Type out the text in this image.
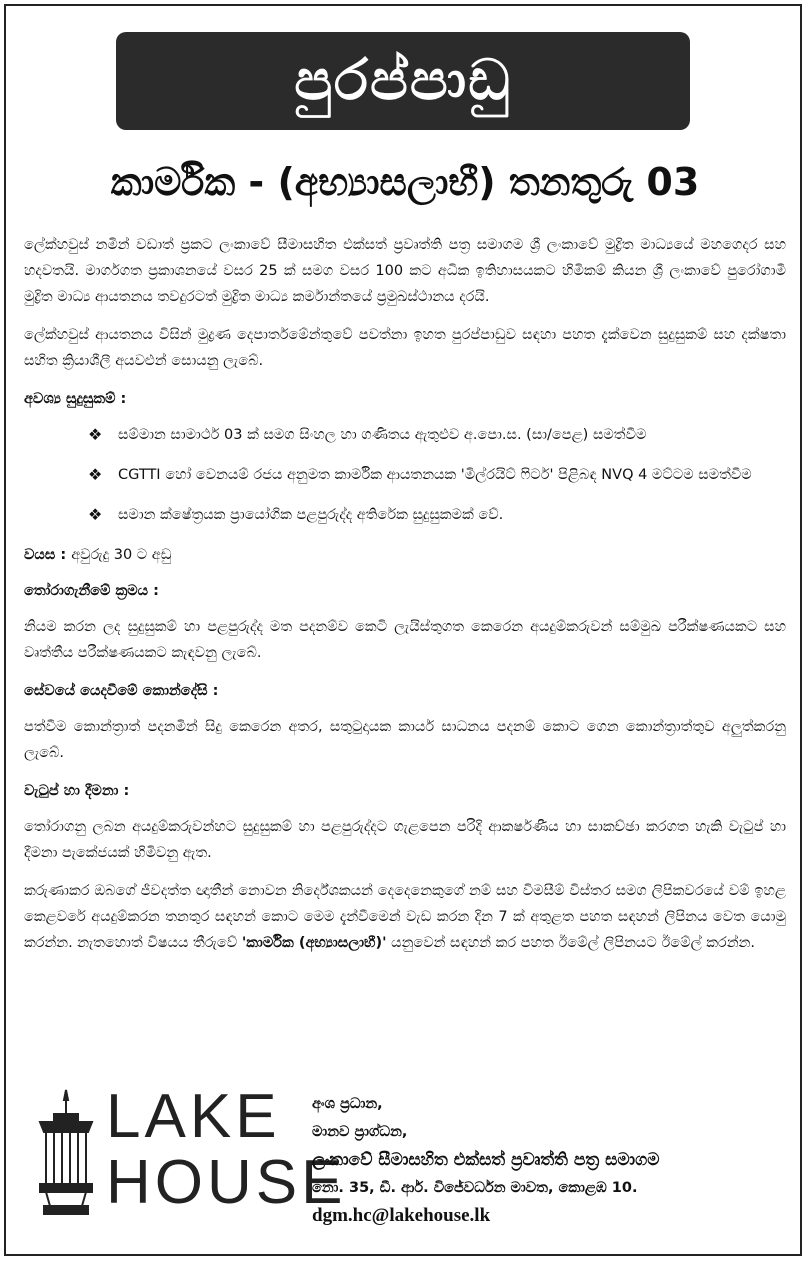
පුරප්පාඩු
කාර්මික - (අභ්‍යාසලාභී) තනතුරු 03

ලේක්හවුස් නමින් වඩාත් ප්‍රකට ලංකාවේ සීමාසහිත එක්සත් ප්‍රවෘත්ති පත්‍ර සමාගම ශ්‍රී ලංකාවේ මුද්‍රිත මාධ්‍යයේ මහගෙදර සහ හදවතයි. මාර්ගගත ප්‍රකාශනයේ වසර 25 ක් සමග වසර 100 කට අධික ඉතිහාසයකට හිමිකම් කියන ශ්‍රී ලංකාවේ පුරෝගාමී මුද්‍රිත මාධ්‍ය ආයතනය තවදුරටත් මුද්‍රිත මාධ්‍ය කර්මාන්තයේ ප්‍රමුඛස්ථානය දරයි.

ලේක්හවුස් ආයතනය විසින් මුද්‍රණ දෙපාර්තමේන්තුවේ පවත්නා ඉහත පුරප්පාඩුව සඳහා පහත දැක්වෙන සුදුසුකම් සහ දක්ෂතා සහිත ක්‍රියාශීලී අයවළුන් සොයනු ලැබේ.

අවශ්‍ය සුදුසුකම් :
❖ සම්මාන සාමාර්ථ 03 ක් සමග සිංහල හා ගණිතය ඇතුළුව අ.පො.ස. (සා/පෙළ) සමත්වීම
❖ CGTTI හෝ වෙනයම් රජය අනුමත කාර්මික ආයතනයක 'මිල්රයිට් ෆිටර්' පිළිබඳ NVQ 4 මට්ටම සමත්වීම
❖ සමාන ක්ෂේත්‍රයක ප්‍රායෝගික පළපුරුද්ද අතිරේක සුදුසුකමක් වේ.
වයස : අවුරුදු 30 ට අඩු
තෝරාගැනීමේ ක්‍රමය :

නියම කරන ලද සුදුසුකම් හා පළපුරුද්ද මත පදනම්ව කෙටි ලැයිස්තුගත කෙරෙන අයදුම්කරුවන් සම්මුඛ පරීක්ෂණයකට සහ වෘත්තීය පරීක්ෂණයකට කැඳවනු ලැබේ.

සේවයේ යෙදවීමේ කොන්දේසි :

පත්වීම කොන්ත්‍රාත් පදනමින් සිදු කෙරෙන අතර, සතුටුදායක කාර්ය සාධනය පදනම් කොට ගෙන කොන්ත්‍රාත්තුව අලුත්කරනු ලැබේ.

වැටුප් හා දීමනා :

තෝරාගනු ලබන අයදුම්කරුවන්හට සුදුසුකම් හා පළපුරුද්දට ගැළපෙන පරිදි ආකර්ෂණීය හා සාකච්ඡා කරගත හැකි වැටුප් හා දීමනා පැකේජයක් හිමිවනු ඇත.

කරුණාකර ඔබගේ ජීවදත්ත ඥාතීන් නොවන නිර්දේශකයන් දෙදෙනෙකුගේ නම් සහ විමසීම් විස්තර සමග ලිපිකවරයේ වම් ඉහළ කෙළවරේ අයදුම්කරන තනතුර සඳහන් කොට මෙම දැන්වීමෙන් වැඩ කරන දින 7 ක් අතුළත පහත සඳහන් ලිපිනය වෙත යොමු කරන්න. නැතහොත් විෂයය තීරුවේ 'කාර්මික (අභ්‍යාසලාභී)' යනුවෙන් සඳහන් කර පහත ඊමේල් ලිපිනයට ඊමේල් කරන්න.

LAKE
HOUSE
අංශ ප්‍රධාන,
මානව ප්‍රාග්ධන,
ලංකාවේ සීමාසහිත එක්සත් ප්‍රවෘත්ති පත්‍ර සමාගම
නො. 35, ඩී. ආර්. විජේවර්ධන මාවත, කොළඹ 10.
dgm.hc@lakehouse.lk
